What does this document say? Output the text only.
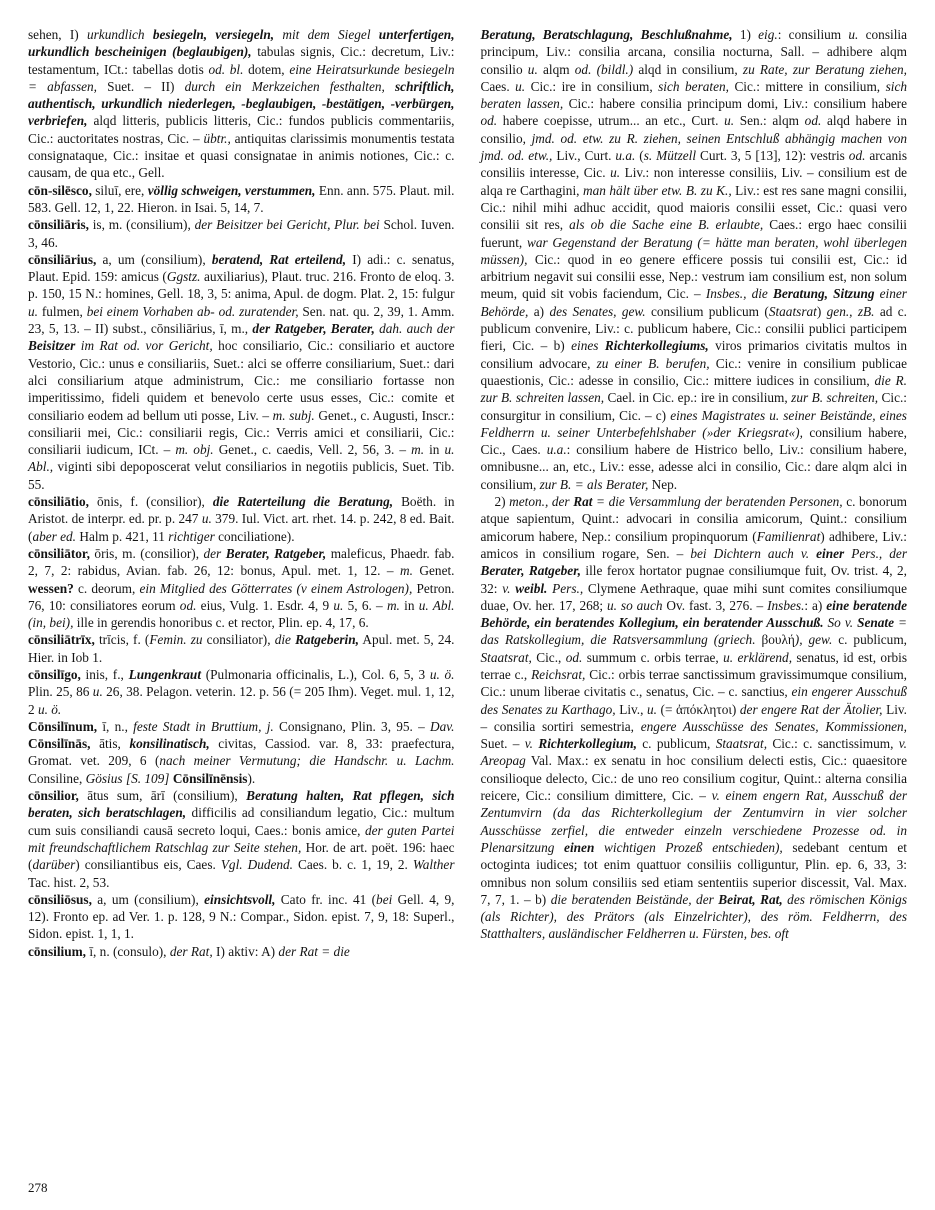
sehen, I) urkundlich besiegeln, versiegeln, mit dem Siegel unterfertigen, urkundlich bescheinigen (beglaubigen), tabulas signis, Cic.: decretum, Liv.: testamentum, ICt.: tabellas dotis od. bl. dotem, eine Heiratsurkunde besiegeln = abfassen, Suet. – II) durch ein Merkzeichen festhalten, schriftlich, authentisch, urkundlich niederlegen, -beglaubigen, -bestätigen, -verbürgen, verbriefen, alqd litteris, publicis litteris, Cic.: fundos publicis commentariis, Cic.: auctoritates nostras, Cic. – übtr., antiquitas clarissimis monumentis testata consignataque, Cic.: insitae et quasi consignatae in animis notiones, Cic.: c. causam, de qua etc., Gell.

cōn-silēsco, siluī, ere, völlig schweigen, verstummen, Enn. ann. 575. Plaut. mil. 583. Gell. 12, 1, 22. Hieron. in Isai. 5, 14, 7.

cōnsiliāris, is, m. (consilium), der Beisitzer bei Gericht, Plur. bei Schol. Iuven. 3, 46.

cōnsiliārius, a, um (consilium), beratend, Rat erteilend, I) adi.: c. senatus, Plaut. Epid. 159: amicus (Ggstz. auxiliarius), Plaut. truc. 216. Fronto de eloq. 3. p. 150, 15 N.: homines, Gell. 18, 3, 5: anima, Apul. de dogm. Plat. 2, 15: fulgur u. fulmen, bei einem Vorhaben ab- od. zuratender, Sen. nat. qu. 2, 39, 1. Amm. 23, 5, 13. – II) subst., cōnsiliārius, ī, m., der Ratgeber, Berater, dah. auch der Beisitzer im Rat od. vor Gericht, hoc consiliario, Cic.: consiliario et auctore Vestorio, Cic.: unus e consiliariis, Suet.: alci se offerre consiliarium, Suet.: dari alci consiliarium atque administrum, Cic.: me consiliario fortasse non imperitissimo, fideli quidem et benevolo certe usus esses, Cic.: comite et consiliario eodem ad bellum uti posse, Liv. – m. subj. Genet., c. Augusti, Inscr.: consiliarii mei, Cic.: consiliarii regis, Cic.: Verris amici et consiliarii, Cic.: consiliarii iudicum, ICt. – m. obj. Genet., c. caedis, Vell. 2, 56, 3. – m. in u. Abl., viginti sibi depoposcerat velut consiliarios in negotiis publicis, Suet. Tib. 55.

cōnsiliātio, ōnis, f. (consilior), die Raterteilung die Beratung, Boëth. in Aristot. de interpr. ed. pr. p. 247 u. 379. Iul. Vict. art. rhet. 14. p. 242, 8 ed. Bait. (aber ed. Halm p. 421, 11 richtiger conciliatione).

cōnsiliātor, ōris, m. (consilior), der Berater, Ratgeber, maleficus, Phaedr. fab. 2, 7, 2: rabidus, Avian. fab. 26, 12: bonus, Apul. met. 1, 12. – m. Genet. wessen? c. deorum, ein Mitglied des Götterrates (v einem Astrologen), Petron. 76, 10: consiliatores eorum od. eius, Vulg. 1. Esdr. 4, 9 u. 5, 6. – m. in u. Abl. (in, bei), ille in gerendis honoribus c. et rector, Plin. ep. 4, 17, 6.

cōnsiliātrīx, trīcis, f. (Femin. zu consiliator), die Ratgeberin, Apul. met. 5, 24. Hier. in Iob 1.

cōnsilīgo, inis, f., Lungenkraut (Pulmonaria officinalis, L.), Col. 6, 5, 3 u. ö. Plin. 25, 86 u. 26, 38. Pelagon. veterin. 12. p. 56 (= 205 Ihm). Veget. mul. 1, 12, 2 u. ö.

Cōnsilīnum, ī, n., feste Stadt in Bruttium, j. Consignano, Plin. 3, 95. – Dav. Cōnsilīnās, ātis, konsilinatisch, civitas, Cassiod. var. 8, 33: praefectura, Gromat. vet. 209, 6 (nach meiner Vermutung; die Handschr. u. Lachm. Consiline, Gösius [S. 109] Cōnsilīnēnsis).

cōnsilior, ātus sum, ārī (consilium), Beratung halten, Rat pflegen, sich beraten, sich beratschlagen, difficilis ad consiliandum legatio, Cic.: multum cum suis consiliandi causā secreto loqui, Caes.: bonis amice, der guten Partei mit freundschaftlichem Ratschlag zur Seite stehen, Hor. de art. poët. 196: haec (darüber) consiliantibus eis, Caes. Vgl. Dudend. Caes. b. c. 1, 19, 2. Walther Tac. hist. 2, 53.

cōnsiliōsus, a, um (consilium), einsichtsvoll, Cato fr. inc. 41 (bei Gell. 4, 9, 12). Fronto ep. ad Ver. 1. p. 128, 9 N.: Compar., Sidon. epist. 7, 9, 18: Superl., Sidon. epist. 1, 1, 1.

cōnsilium, ī, n. (consulo), der Rat, I) aktiv: A) der Rat = die

Beratung, Beratschlagung, Beschlußnahme, 1) eig.: consilium u. consilia principum, Liv.: consilia arcana, consilia nocturna, Sall. – adhibere alqm consilio u. alqm od. (bildl.) alqd in consilium, zu Rate, zur Beratung ziehen, Caes. u. Cic.: ire in consilium, sich beraten, Cic.: mittere in consilium, sich beraten lassen, Cic.: habere consilia principum domi, Liv.: consilium habere od. habere coepisse, utrum... an etc., Curt. u. Sen.: alqm od. alqd habere in consilio, jmd. od. etw. zu R. ziehen, seinen Entschluß abhängig machen von jmd. od. etw., Liv., Curt. u.a. (s. Mützell Curt. 3, 5 [13], 12): vestris od. arcanis consiliis interesse, Cic. u. Liv.: non interesse consiliis, Liv. – consilium est de alqa re Carthagini, man hält über etw. B. zu K., Liv.: est res sane magni consilii, Cic.: nihil mihi adhuc accidit, quod maioris consilii esset, Cic.: quasi vero consilii sit res, als ob die Sache eine B. erlaubte, Caes.: ergo haec consilii fuerunt, war Gegenstand der Beratung (= hätte man beraten, wohl überlegen müssen), Cic.: quod in eo genere efficere possis tui consilii est, Cic.: id arbitrium negavit sui consilii esse, Nep.: vestrum iam consilium est, non solum meum, quid sit vobis faciendum, Cic. – Insbes., die Beratung, Sitzung einer Behörde, a) des Senates, gew. consilium publicum (Staatsrat) gen., zB. ad c. publicum convenire, Liv.: c. publicum habere, Cic.: consilii publici participem fieri, Cic. – b) eines Richterkollegiums, viros primarios civitatis multos in consilium advocare, zu einer B. berufen, Cic.: venire in consilium publicae quaestionis, Cic.: adesse in consilio, Cic.: mittere iudices in consilium, die R. zur B. schreiten lassen, Cael. in Cic. ep.: ire in consilium, zur B. schreiten, Cic.: consurgitur in consilium, Cic. – c) eines Magistrates u. seiner Beistände, eines Feldherrn u. seiner Unterbefehlshaber (»der Kriegsrat«), consilium habere, Cic., Caes. u.a.: consilium habere de Histrico bello, Liv.: consilium habere, omnibusne... an, etc., Liv.: esse, adesse alci in consilio, Cic.: dare alqm alci in consilium, zur B. = als Berater, Nep.

2) meton., der Rat = die Versammlung der beratenden Personen, c. bonorum atque sapientum, Quint.: advocari in consilia amicorum, Quint.: consilium amicorum habere, Nep.: consilium propinquorum (Familienrat) adhibere, Liv.: amicos in consilium rogare, Sen. – bei Dichtern auch v. einer Pers., der Berater, Ratgeber, ille ferox hortator pugnae consiliumque fuit, Ov. trist. 4, 2, 32: v. weibl. Pers., Clymene Aethraque, quae mihi sunt comites consiliumque duae, Ov. her. 17, 268; u. so auch Ov. fast. 3, 276. – Insbes.: a) eine beratende Behörde, ein beratendes Kollegium, ein beratender Ausschuß. So v. Senate = das Ratskollegium, die Ratsversammlung (griech. βουλή), gew. c. publicum, Staatsrat, Cic., od. summum c. orbis terrae, u. erklärend, senatus, id est, orbis terrae c., Reichsrat, Cic.: orbis terrae sanctissimum gravissimumque consilium, Cic.: unum liberae civitatis c., senatus, Cic. – c. sanctius, ein engerer Ausschuß des Senates zu Karthago, Liv., u. (= ἀπόκλητοι) der engere Rat der Ätolier, Liv. – consilia sortiri semestria, engere Ausschüsse des Senates, Kommissionen, Suet. – v. Richterkollegium, c. publicum, Staatsrat, Cic.: c. sanctissimum, v. Areopag Val. Max.: ex senatu in hoc consilium delecti estis, Cic.: quaesitore consilioque delecto, Cic.: de uno reo consilium cogitur, Quint.: alterna consilia reicere, Cic.: consilium dimittere, Cic. – v. einem engern Rat, Ausschuß der Zentumvirn (da das Richterkollegium der Zentumvirn in vier solcher Ausschüsse zerfiel, die entweder einzeln verschiedene Prozesse od. in Plenarsitzung einen wichtigen Prozeß entschieden), sedebant centum et octoginta iudices; tot enim quattuor consiliis colliguntur, Plin. ep. 6, 33, 3: omnibus non solum consiliis sed etiam sententiis superior discessit, Val. Max. 7, 7, 1. – b) die beratenden Beistände, der Beirat, Rat, des römischen Königs (als Richter), des Prätors (als Einzelrichter), des röm. Feldherrn, des Statthalters, ausländischer Feldherren u. Fürsten, bes. oft

278
